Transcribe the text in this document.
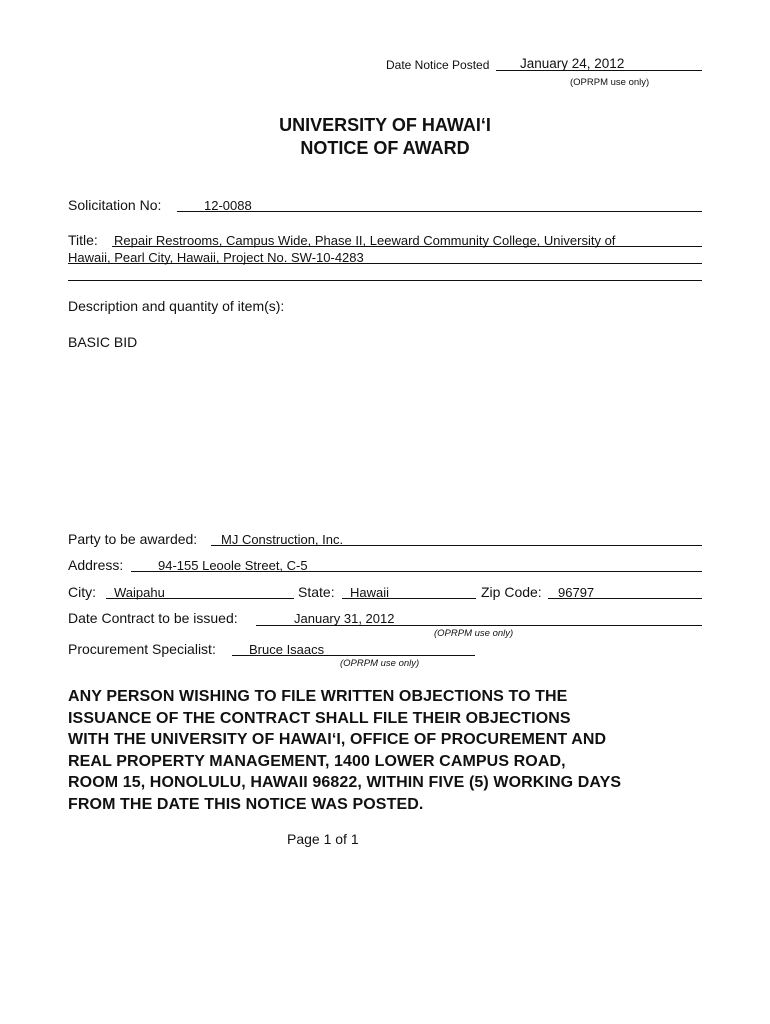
Date Notice Posted January 24, 2012
(OPRPM use only)
UNIVERSITY OF HAWAI‘I
NOTICE OF AWARD
Solicitation No:	12-0088
Title: Repair Restrooms, Campus Wide, Phase II, Leeward Community College, University of
Hawaii, Pearl City, Hawaii, Project No. SW-10-4283
Description and quantity of item(s):
BASIC BID
Party to be awarded: MJ Construction, Inc.
Address:	94-155 Leoole Street, C-5
City: Waipahu	State: Hawaii	Zip Code: 96797
Date Contract to be issued:	January 31, 2012
(OPRPM use only)
Procurement Specialist:	Bruce Isaacs
(OPRPM use only)
ANY PERSON WISHING TO FILE WRITTEN OBJECTIONS TO THE
ISSUANCE OF THE CONTRACT SHALL FILE THEIR OBJECTIONS
WITH THE UNIVERSITY OF HAWAI‘I, OFFICE OF PROCUREMENT AND
REAL PROPERTY MANAGEMENT, 1400 LOWER CAMPUS ROAD,
ROOM 15, HONOLULU, HAWAII 96822, WITHIN FIVE (5) WORKING DAYS
FROM THE DATE THIS NOTICE WAS POSTED.
Page 1 of 1
